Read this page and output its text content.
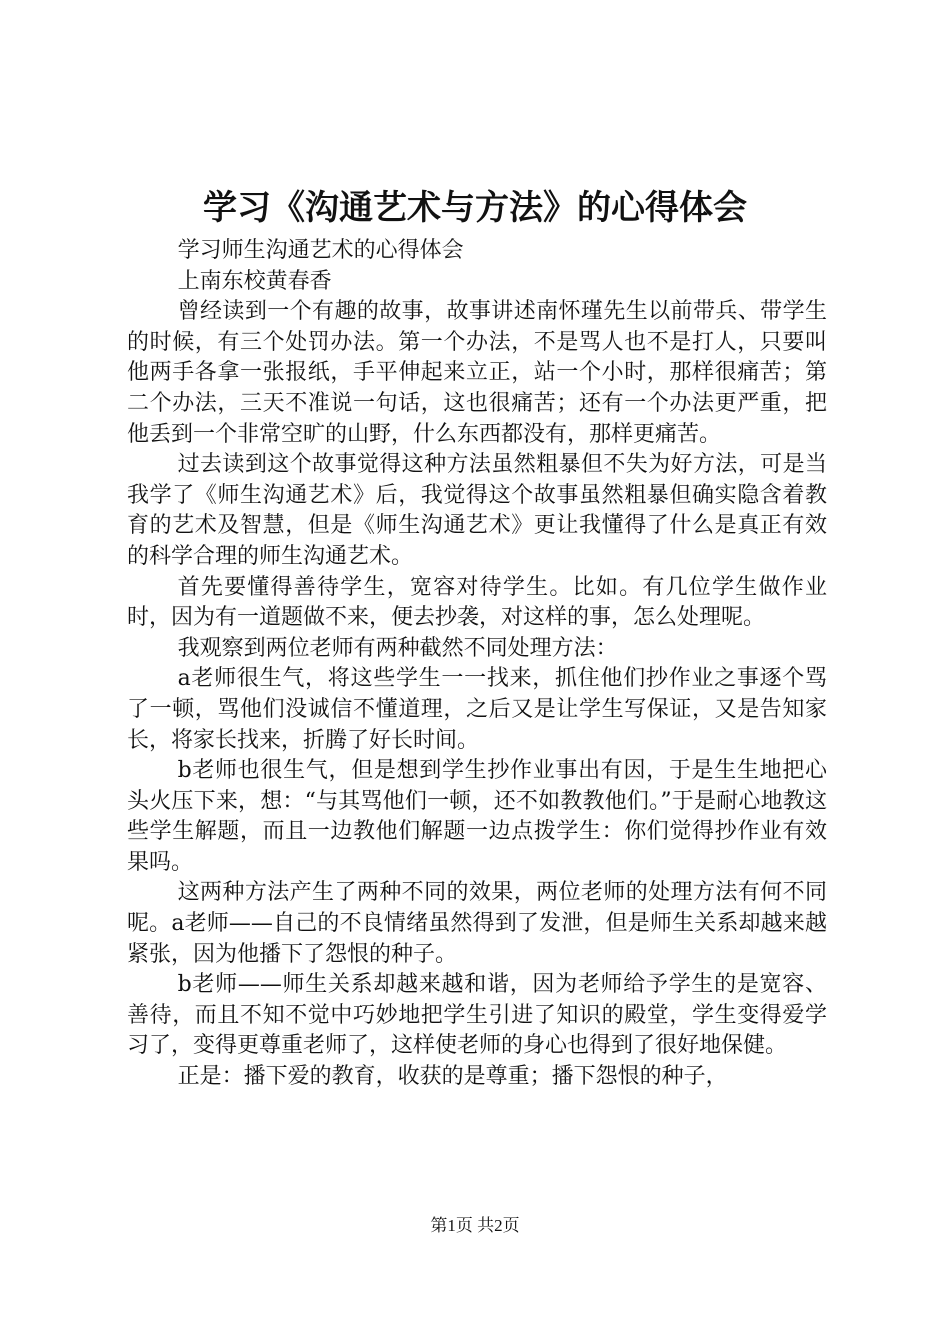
学习《沟通艺术与方法》的心得体会

学习师生沟通艺术的心得体会

上南东校黄春香

曾经读到一个有趣的故事，故事讲述南怀瑾先生以前带兵、带学生的时候，有三个处罚办法。第一个办法，不是骂人也不是打人，只要叫他两手各拿一张报纸，手平伸起来立正，站一个小时，那样很痛苦；第二个办法，三天不准说一句话，这也很痛苦；还有一个办法更严重，把他丢到一个非常空旷的山野，什么东西都没有，那样更痛苦。

过去读到这个故事觉得这种方法虽然粗暴但不失为好方法，可是当我学了《师生沟通艺术》后，我觉得这个故事虽然粗暴但确实隐含着教育的艺术及智慧，但是《师生沟通艺术》更让我懂得了什么是真正有效的科学合理的师生沟通艺术。

首先要懂得善待学生，宽容对待学生。比如。有几位学生做作业时，因为有一道题做不来，便去抄袭，对这样的事，怎么处理呢。

我观察到两位老师有两种截然不同处理方法：

a老师很生气，将这些学生一一找来，抓住他们抄作业之事逐个骂了一顿，骂他们没诚信不懂道理，之后又是让学生写保证，又是告知家长，将家长找来，折腾了好长时间。

b老师也很生气，但是想到学生抄作业事出有因，于是生生地把心头火压下来，想：“与其骂他们一顿，还不如教教他们。”于是耐心地教这些学生解题，而且一边教他们解题一边点拨学生：你们觉得抄作业有效果吗。

这两种方法产生了两种不同的效果，两位老师的处理方法有何不同呢。a老师——自己的不良情绪虽然得到了发泄，但是师生关系却越来越紧张，因为他播下了怨恨的种子。

b老师——师生关系却越来越和谐，因为老师给予学生的是宽容、善待，而且不知不觉中巧妙地把学生引进了知识的殿堂，学生变得爱学习了，变得更尊重老师了，这样使老师的身心也得到了很好地保健。

正是：播下爱的教育，收获的是尊重；播下怨恨的种子，

第1页 共2页
